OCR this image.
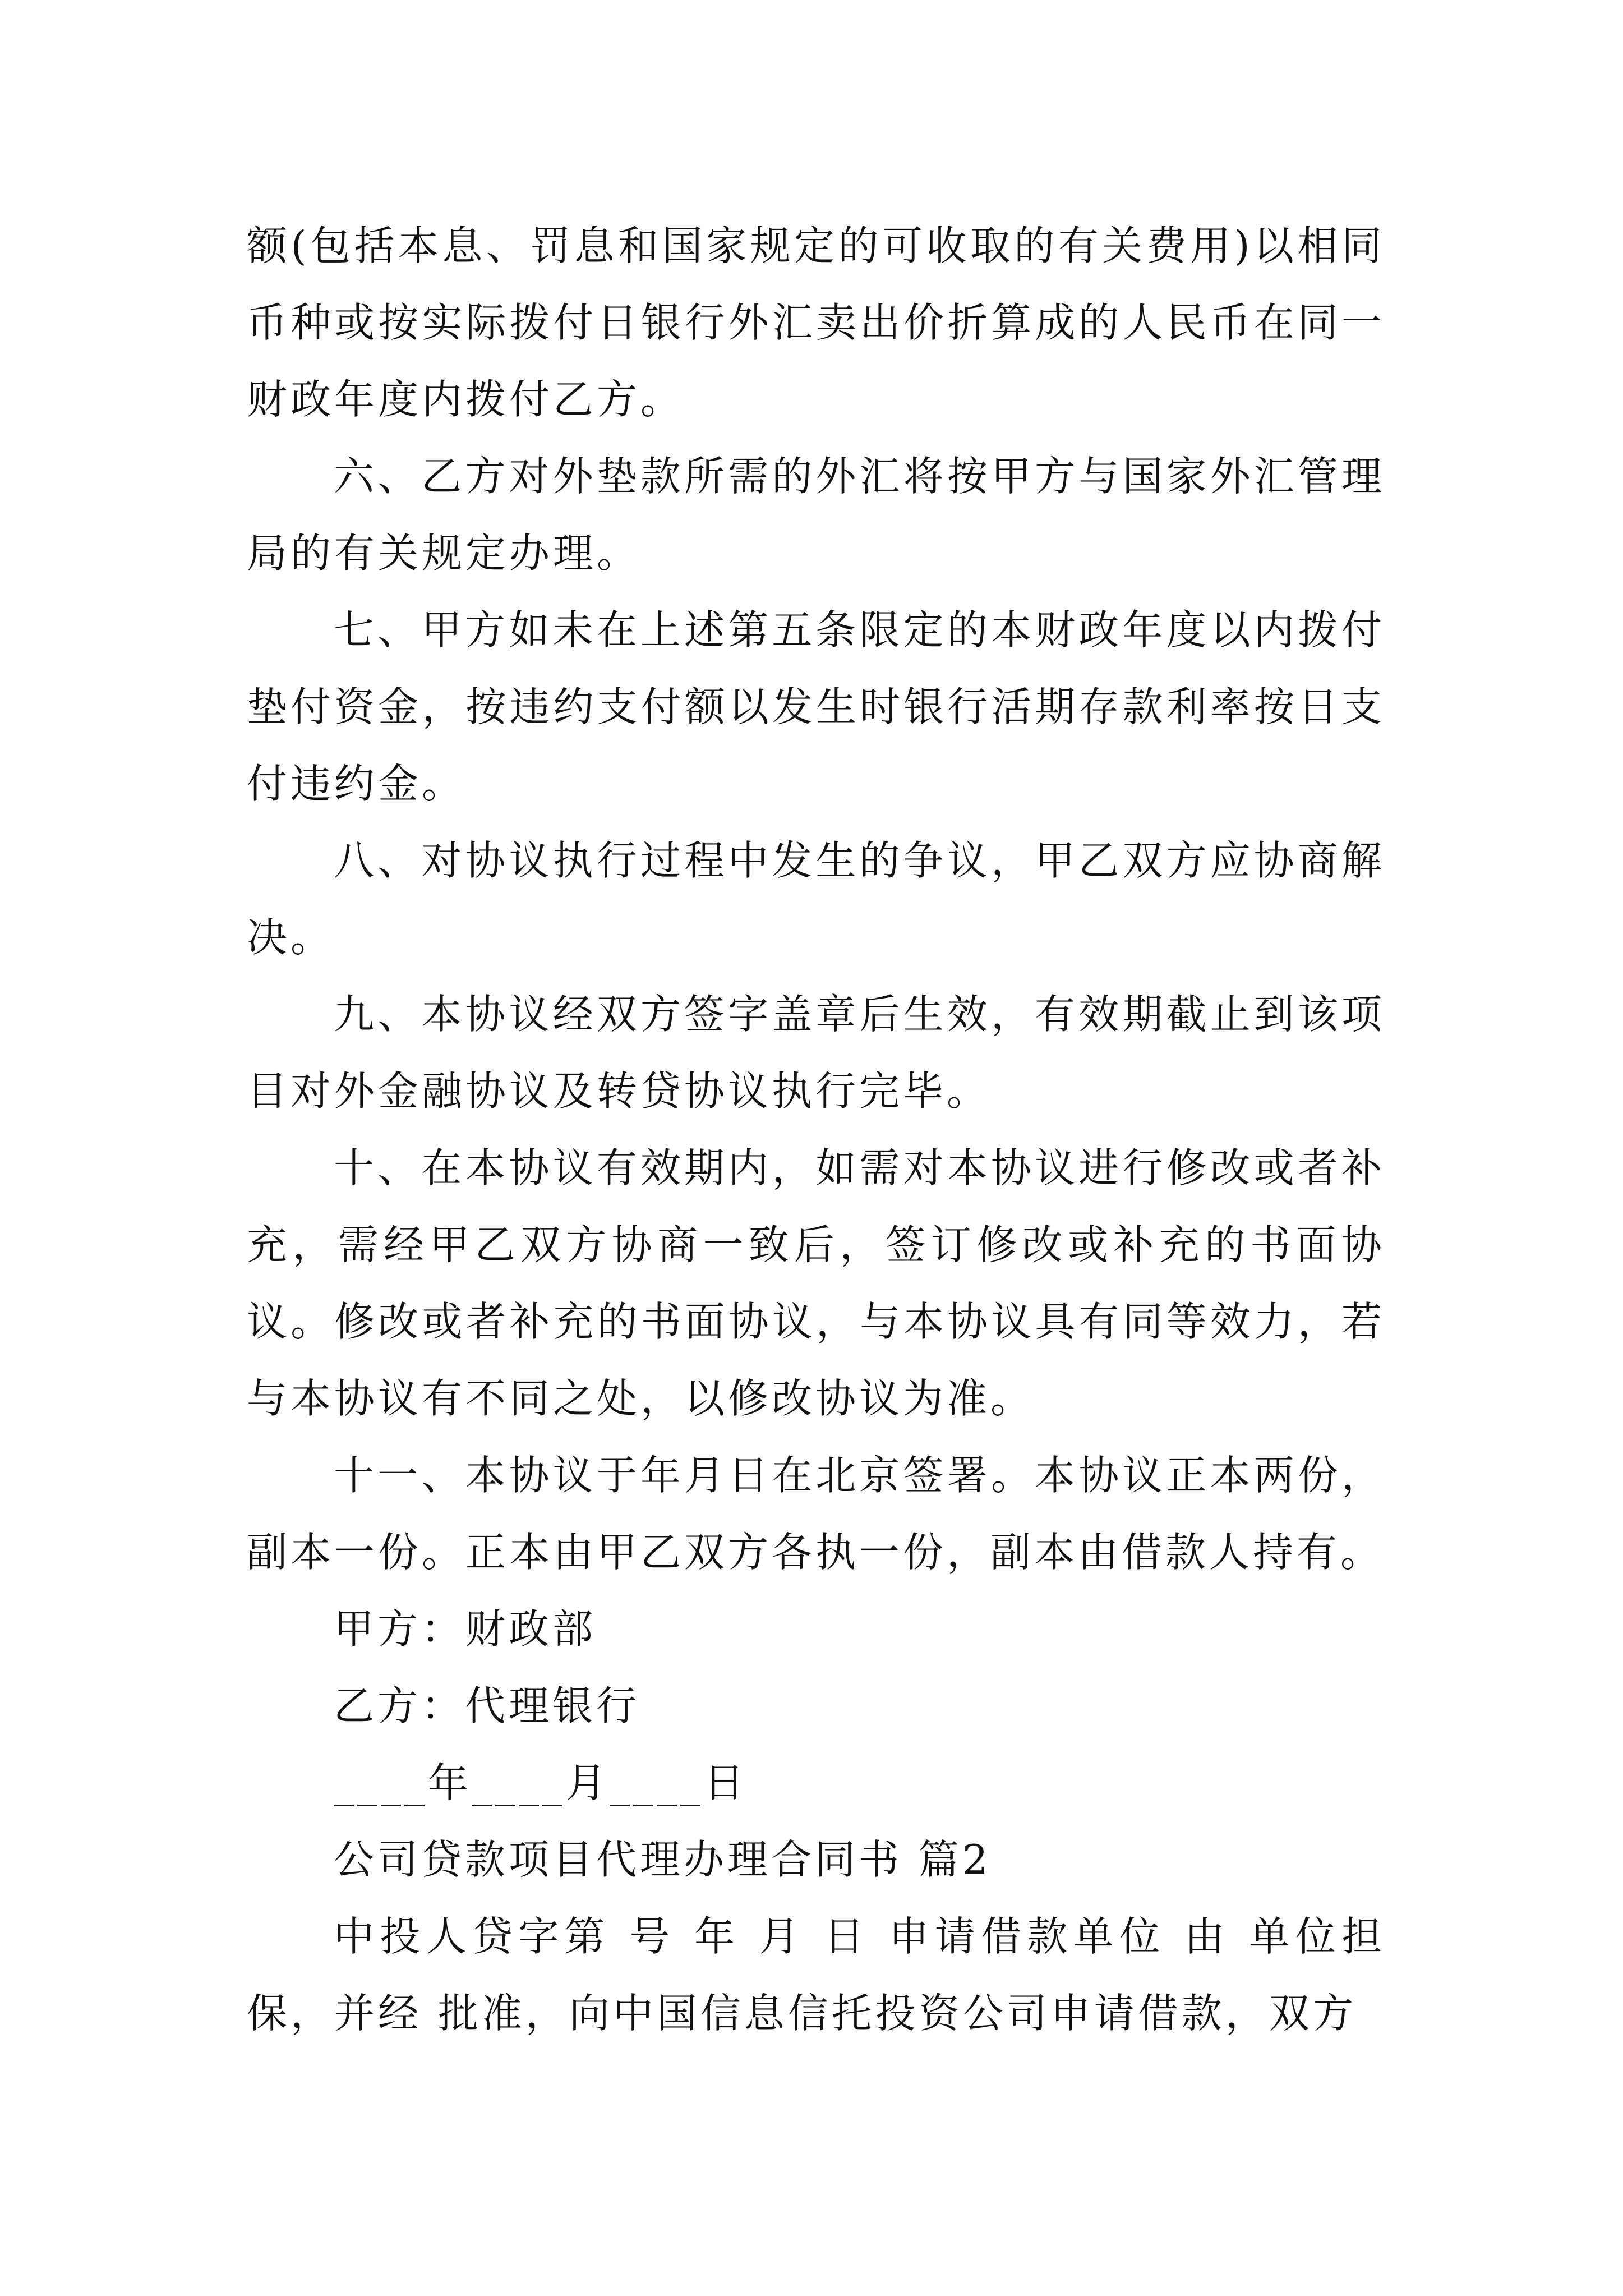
额(包括本息、罚息和国家规定的可收取的有关费用)以相同币种或按实际拨付日银行外汇卖出价折算成的人民币在同一财政年度内拨付乙方。

六、乙方对外垫款所需的外汇将按甲方与国家外汇管理局的有关规定办理。

七、甲方如未在上述第五条限定的本财政年度以内拨付垫付资金，按违约支付额以发生时银行活期存款利率按日支付违约金。

八、对协议执行过程中发生的争议，甲乙双方应协商解决。

九、本协议经双方签字盖章后生效，有效期截止到该项目对外金融协议及转贷协议执行完毕。

十、在本协议有效期内，如需对本协议进行修改或者补充，需经甲乙双方协商一致后，签订修改或补充的书面协议。修改或者补充的书面协议，与本协议具有同等效力，若与本协议有不同之处，以修改协议为准。

十一、本协议于年月日在北京签署。本协议正本两份，副本一份。正本由甲乙双方各执一份，副本由借款人持有。

甲方：财政部

乙方：代理银行

____年____月____日

公司贷款项目代理办理合同书 篇2

中投人贷字第 号 年 月 日 申请借款单位 由 单位担保，并经 批准，向中国信息信托投资公司申请借款，双方
